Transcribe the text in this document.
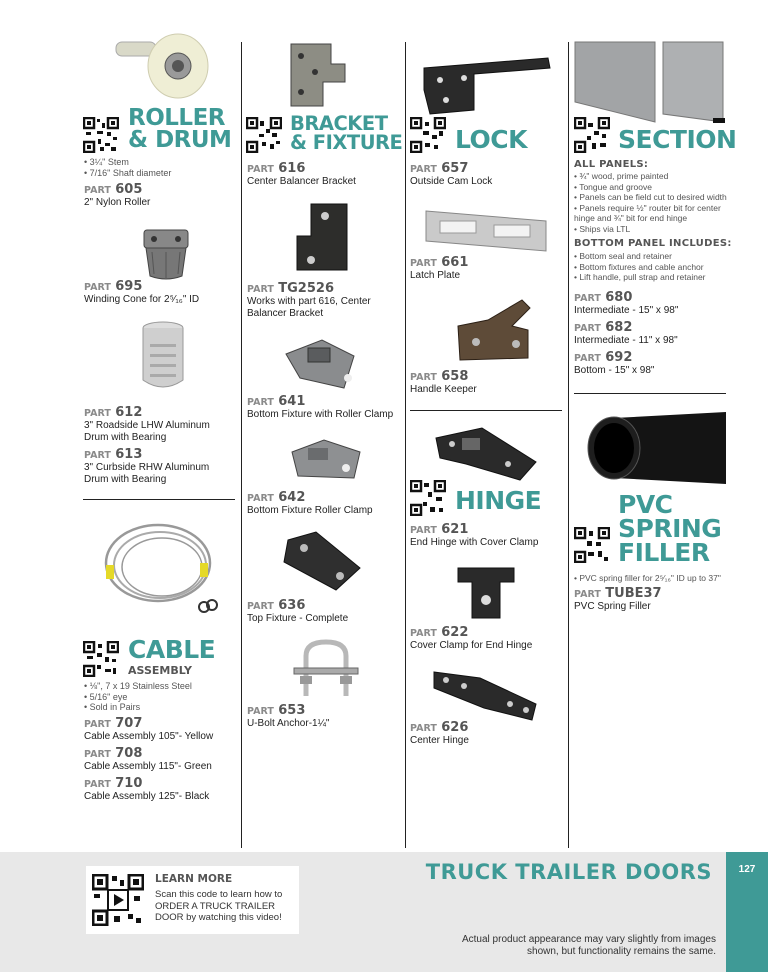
ROLLER
& DRUM
• 3¼" Stem
• 7/16" Shaft diameter
PART 605
2" Nylon Roller
PART 695
Winding Cone for 2⁵⁄₁₆" ID
PART 612
3" Roadside LHW Aluminum Drum with Bearing
PART 613
3" Curbside RHW Aluminum Drum with Bearing
CABLE
ASSEMBLY
• ⅛", 7 x 19 Stainless Steel
• 5/16" eye
• Sold in Pairs
PART 707
Cable Assembly 105"- Yellow
PART 708
Cable Assembly 115"- Green
PART 710
Cable Assembly 125"- Black
BRACKET
& FIXTURE
PART 616
Center Balancer Bracket
PART TG2526
Works with part 616, Center Balancer Bracket
PART 641
Bottom Fixture with Roller Clamp
PART 642
Bottom Fixture Roller Clamp
PART 636
Top Fixture - Complete
PART 653
U-Bolt Anchor-1¼"
LOCK
PART 657
Outside Cam Lock
PART 661
Latch Plate
PART 658
Handle Keeper
HINGE
PART 621
End Hinge with Cover Clamp
PART 622
Cover Clamp for End Hinge
PART 626
Center Hinge
SECTION
ALL PANELS:
• ¾" wood, prime painted
• Tongue and groove
• Panels can be field cut to desired width
• Panels require ½" router bit for center hinge and ¾" bit for end hinge
• Ships via LTL
BOTTOM PANEL INCLUDES:
• Bottom seal and retainer
• Bottom fixtures and cable anchor
• Lift handle, pull strap and retainer
PART 680
Intermediate - 15" x 98"
PART 682
Intermediate - 11" x 98"
PART 692
Bottom - 15" x 98"
PVC
SPRING
FILLER
• PVC spring filler for 2⁵⁄₁₆" ID up to 37"
PART TUBE37
PVC Spring Filler
127
LEARN MORE
Scan this code to learn how to ORDER A TRUCK TRAILER DOOR by watching this video!
TRUCK TRAILER DOORS
Actual product appearance may vary slightly from images shown, but functionality remains the same.
